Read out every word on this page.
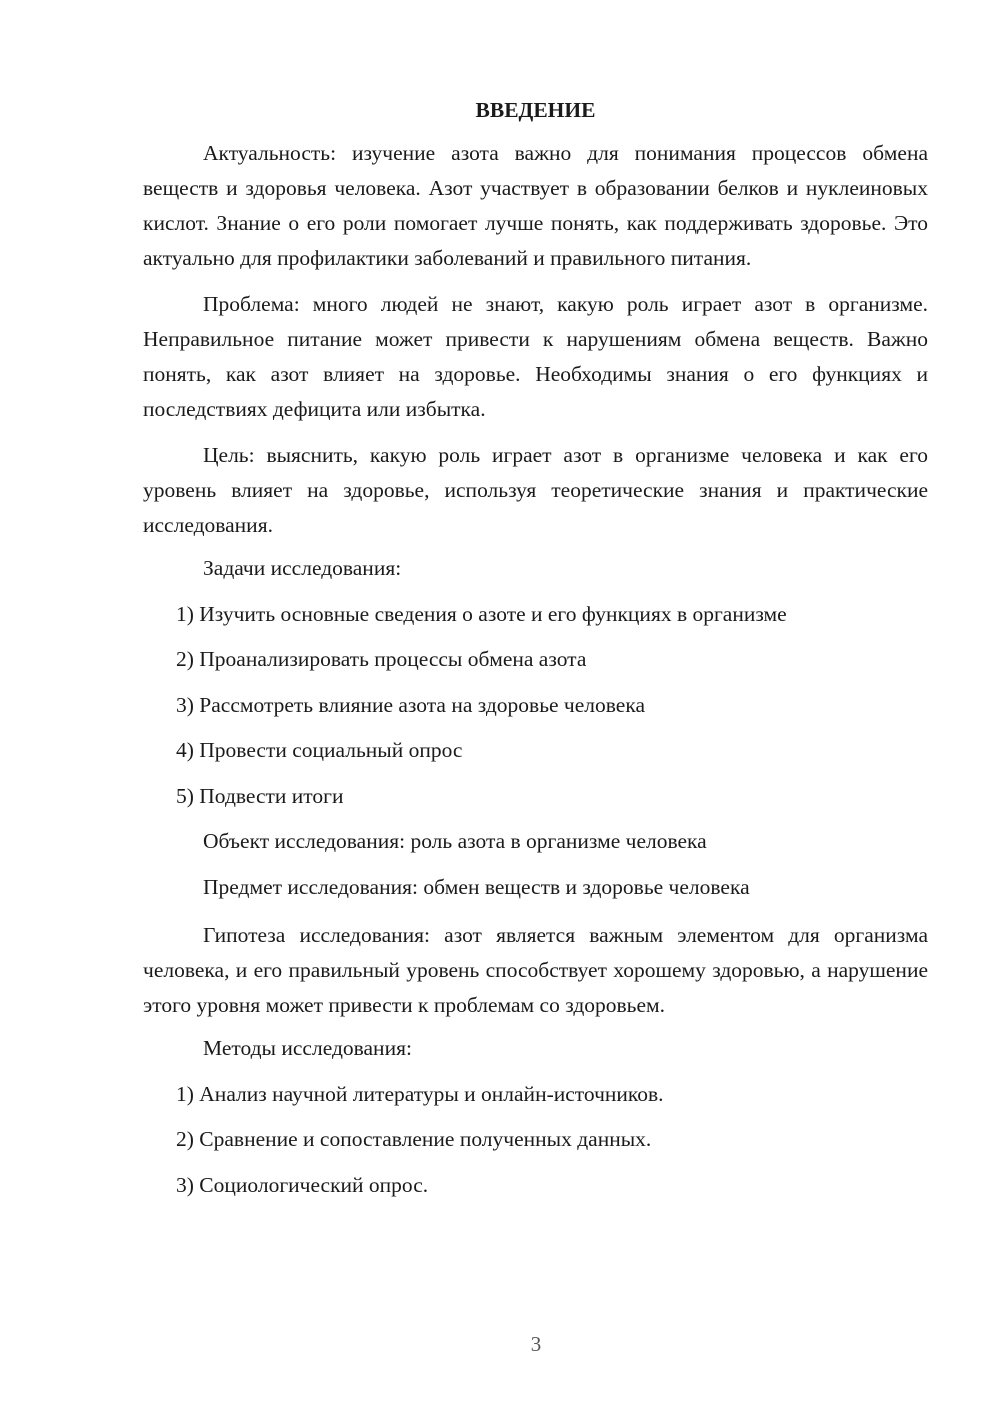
ВВЕДЕНИЕ

Актуальность: изучение азота важно для понимания процессов обмена веществ и здоровья человека. Азот участвует в образовании белков и нуклеиновых кислот. Знание о его роли помогает лучше понять, как поддерживать здоровье. Это актуально для профилактики заболеваний и правильного питания.

Проблема: много людей не знают, какую роль играет азот в организме. Неправильное питание может привести к нарушениям обмена веществ. Важно понять, как азот влияет на здоровье. Необходимы знания о его функциях и последствиях дефицита или избытка.

Цель: выяснить, какую роль играет азот в организме человека и как его уровень влияет на здоровье, используя теоретические знания и практические исследования.

Задачи исследования:
1) Изучить основные сведения о азоте и его функциях в организме
2) Проанализировать процессы обмена азота
3) Рассмотреть влияние азота на здоровье человека
4) Провести социальный опрос
5) Подвести итоги
Объект исследования: роль азота в организме человека
Предмет исследования: обмен веществ и здоровье человека

Гипотеза исследования: азот является важным элементом для организма человека, и его правильный уровень способствует хорошему здоровью, а нарушение этого уровня может привести к проблемам со здоровьем.

Методы исследования:
1) Анализ научной литературы и онлайн-источников.
2) Сравнение и сопоставление полученных данных.
3) Социологический опрос.
3
